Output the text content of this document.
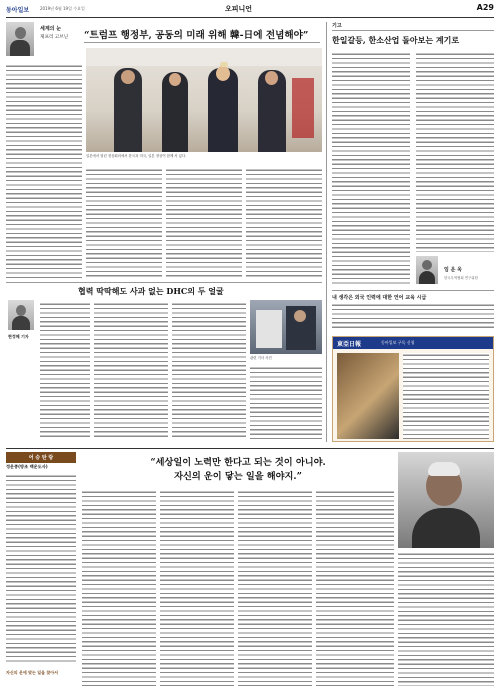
동아일보	2019년 6월 19일 수요일	오피니언	A29
세계의 눈
제프리 고브닌 “트럼프 행정부, 공동의 미래 위해 韓-日에 전념해야”
일본에서 열린 정상회의에서 한국과 미국, 일본 정상이 함께 서 있다.
협력 딱딱해도 사과 없는 DHC의 두 얼굴
현정혜 기자
관련 기사 사진
기고
한일갈등, 한소산업 돌아보는 계기로
임 운 욱
한국무역협회 연구위원
내 생각은 외국 인력에 대한 언어 교육 시급
東亞日報	동아일보 구독 신청
어 승 탄 랑
정운종(방조 백운도사)
자신의 운에 맞는 일을 찾아서
“세상일이 노력만 한다고 되는 것이 아니야.
자신의 운이 닿는 일을 해야지.”
